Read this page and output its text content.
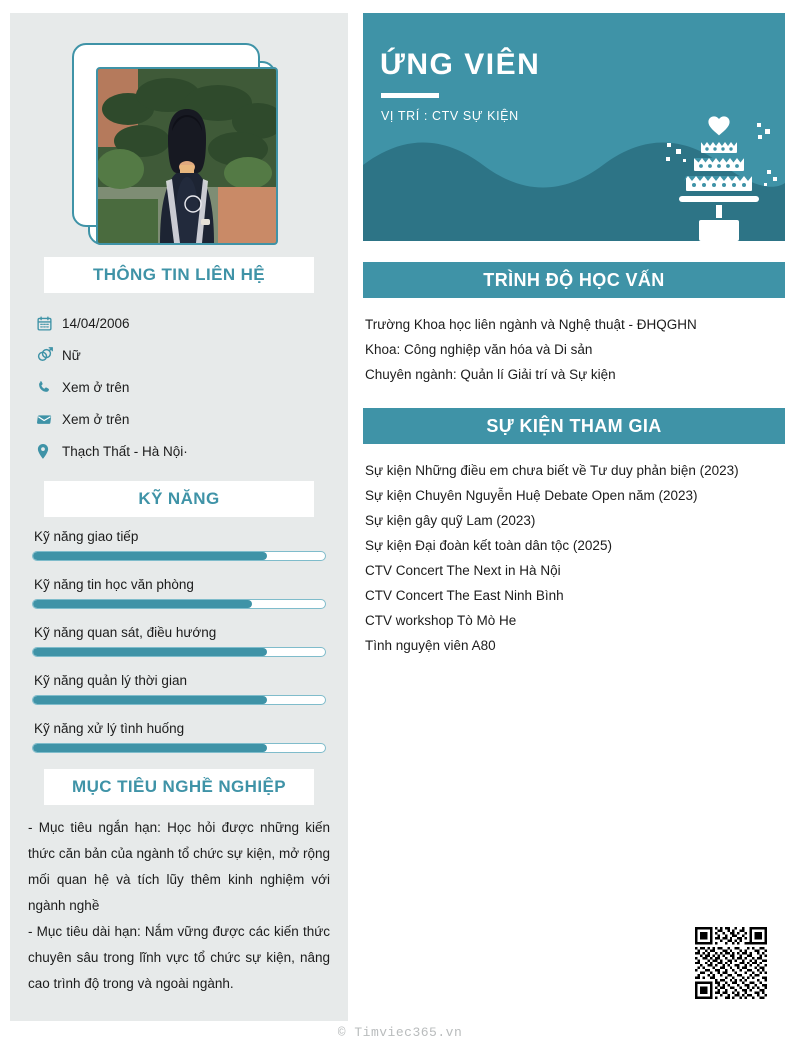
THÔNG TIN LIÊN HỆ
14/04/2006
Nữ
Xem ở trên
Xem ở trên
Thạch Thất - Hà Nội·
KỸ NĂNG
Kỹ năng giao tiếp
Kỹ năng tin học văn phòng
Kỹ năng quan sát, điều hướng
Kỹ năng quản lý thời gian
Kỹ năng xử lý tình huống
MỤC TIÊU NGHỀ NGHIỆP

- Mục tiêu ngắn hạn: Học hỏi được những kiến thức căn bản của ngành tổ chức sự kiện, mở rộng mối quan hệ và tích lũy thêm kinh nghiệm với ngành nghề

- Mục tiêu dài hạn: Nắm vững được các kiến thức chuyên sâu trong lĩnh vực tổ chức sự kiện, nâng cao trình độ trong và ngoài ngành.

ỨNG VIÊN
VỊ TRÍ : CTV SỰ KIỆN
TRÌNH ĐỘ HỌC VẤN
Trường Khoa học liên ngành và Nghệ thuật - ĐHQGHN
Khoa: Công nghiệp văn hóa và Di sản
Chuyên ngành: Quản lí Giải trí và Sự kiện
SỰ KIỆN THAM GIA
Sự kiện Những điều em chưa biết về Tư duy phản biện (2023)
Sự kiện Chuyên Nguyễn Huệ Debate Open năm (2023)
Sự kiện gây quỹ Lam (2023)
Sự kiện Đại đoàn kết toàn dân tộc (2025)
CTV Concert The Next in Hà Nội
CTV Concert The East Ninh Bình
CTV workshop Tò Mò He
Tình nguyện viên A80
© Timviec365.vn
